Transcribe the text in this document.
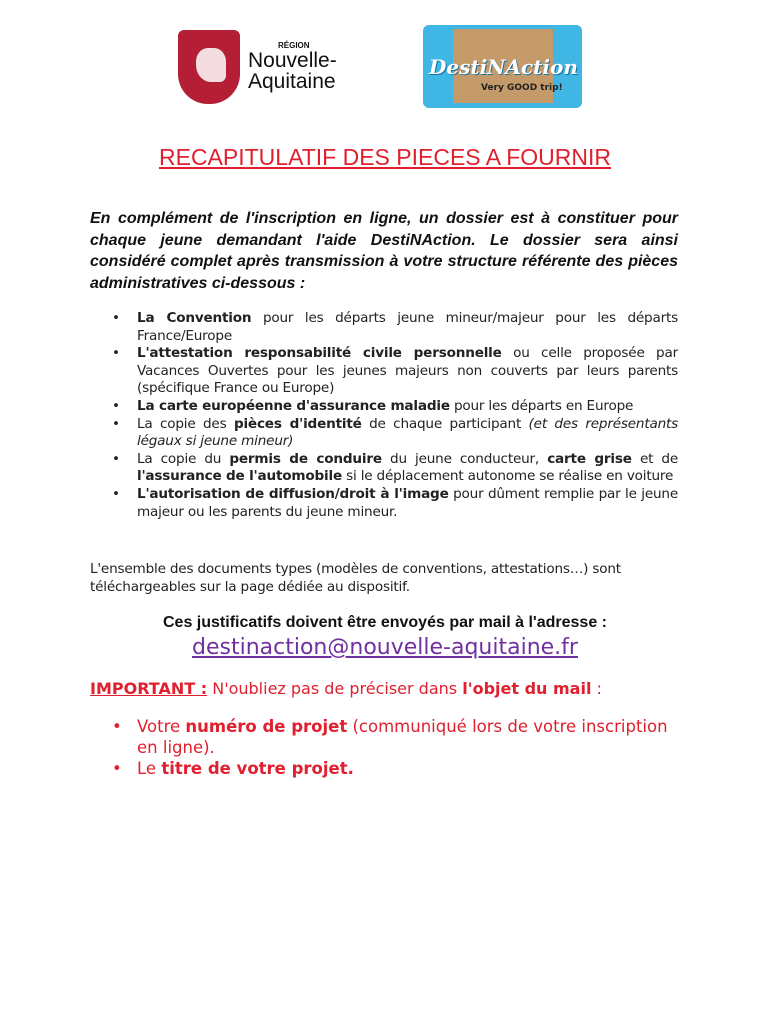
RÉGION
Nouvelle-
Aquitaine
DestiNAction
Very GOOD trip!
RECAPITULATIF DES PIECES A FOURNIR
En complément de l'inscription en ligne, un dossier est à constituer pour chaque jeune demandant l'aide DestiNAction. Le dossier sera ainsi considéré complet après transmission à votre structure référente des pièces administratives ci-dessous :
• La Convention pour les départs jeune mineur/majeur pour les départs France/Europe
• L'attestation responsabilité civile personnelle ou celle proposée par Vacances Ouvertes pour les jeunes majeurs non couverts par leurs parents (spécifique France ou Europe)
• La carte européenne d'assurance maladie pour les départs en Europe
• La copie des pièces d'identité de chaque participant (et des représentants légaux si jeune mineur)
• La copie du permis de conduire du jeune conducteur, carte grise et de l'assurance de l'automobile si le déplacement autonome se réalise en voiture
• L'autorisation de diffusion/droit à l'image pour dûment remplie par le jeune majeur ou les parents du jeune mineur.
L'ensemble des documents types (modèles de conventions, attestations…) sont téléchargeables sur la page dédiée au dispositif.
Ces justificatifs doivent être envoyés par mail à l'adresse :
destinaction@nouvelle-aquitaine.fr
IMPORTANT : N'oubliez pas de préciser dans l'objet du mail :
• Votre numéro de projet (communiqué lors de votre inscription en ligne).
• Le titre de votre projet.
